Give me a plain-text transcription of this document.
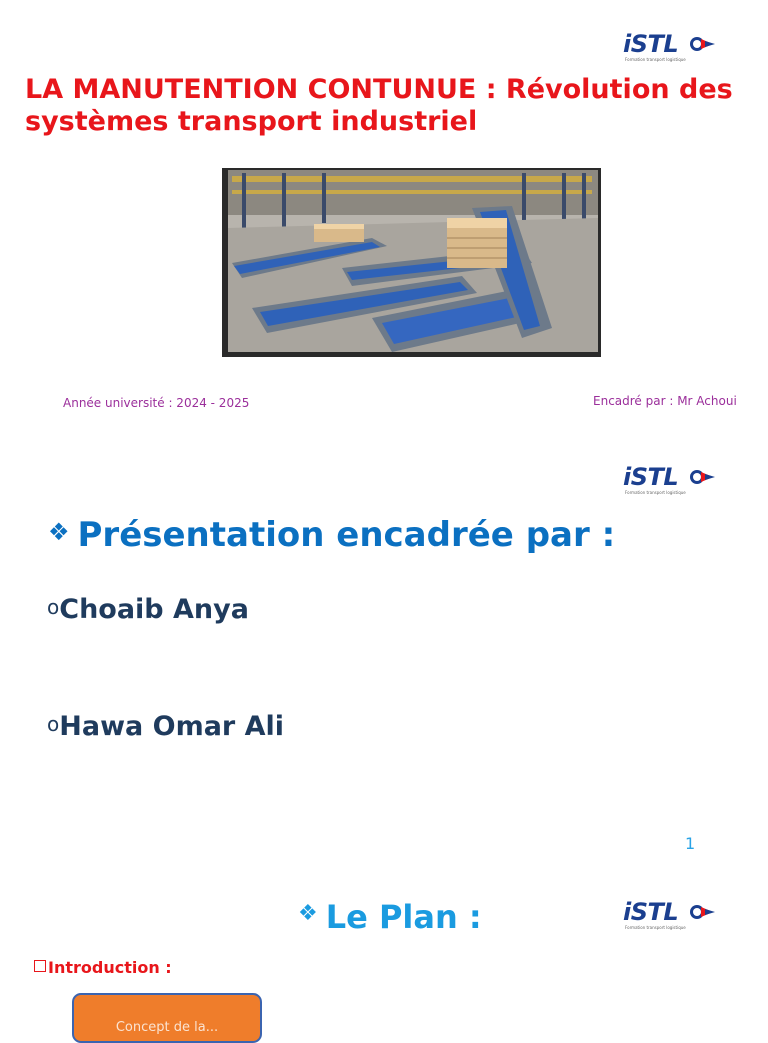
iSTL
Formation transport logistique
LA MANUTENTION CONTUNUE : Révolution des systèmes transport industriel
Année université : 2024 - 2025	Encadré par : Mr Achoui
iSTL
Formation transport logistique
❖ Présentation encadrée par :
oChoaib Anya
oHawa Omar Ali
1
❖ Le Plan :	iSTL
Formation transport logistique
Introduction :
Concept de la...
